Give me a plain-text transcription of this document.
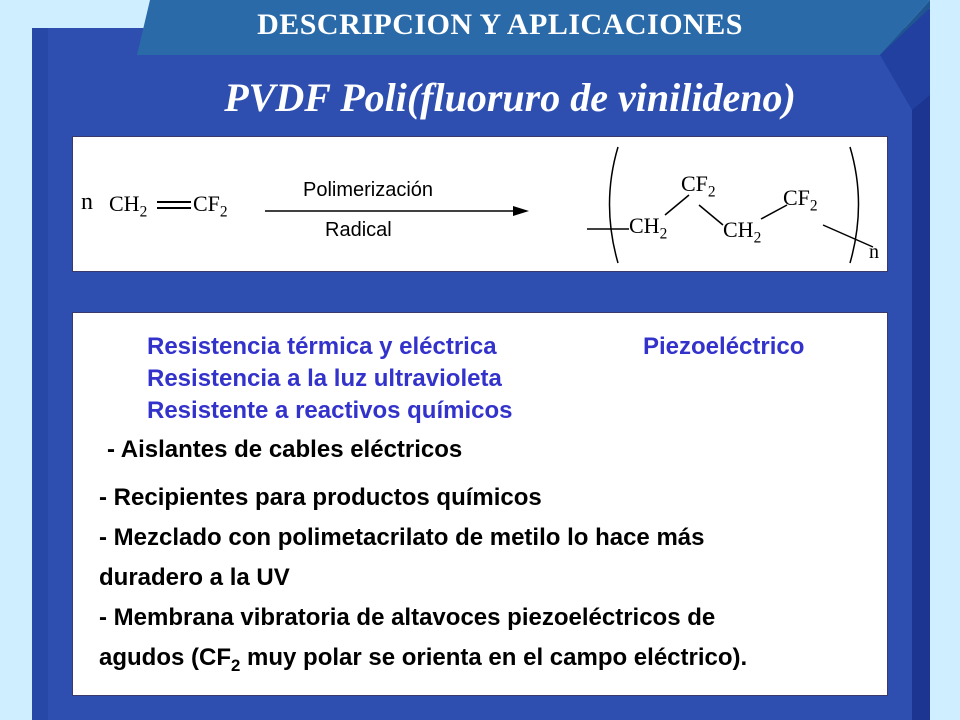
DESCRIPCION Y APLICACIONES
PVDF Poli(fluoruro de vinilideno)
n $CH_2$ $CF_2$
Polimerización
Radical
$CF_2$	$CF_2$
$CH_2$	$CH_2$
n
Resistencia térmica y eléctrica	Piezoeléctrico
Resistencia a la luz ultravioleta
Resistente a reactivos químicos
- Aislantes de cables eléctricos
- Recipientes para productos químicos
- Mezclado con polimetacrilato de metilo lo hace más
duradero a la UV
- Membrana vibratoria de altavoces piezoeléctricos de
agudos ($CF_2$ muy polar se orienta en el campo eléctrico).
